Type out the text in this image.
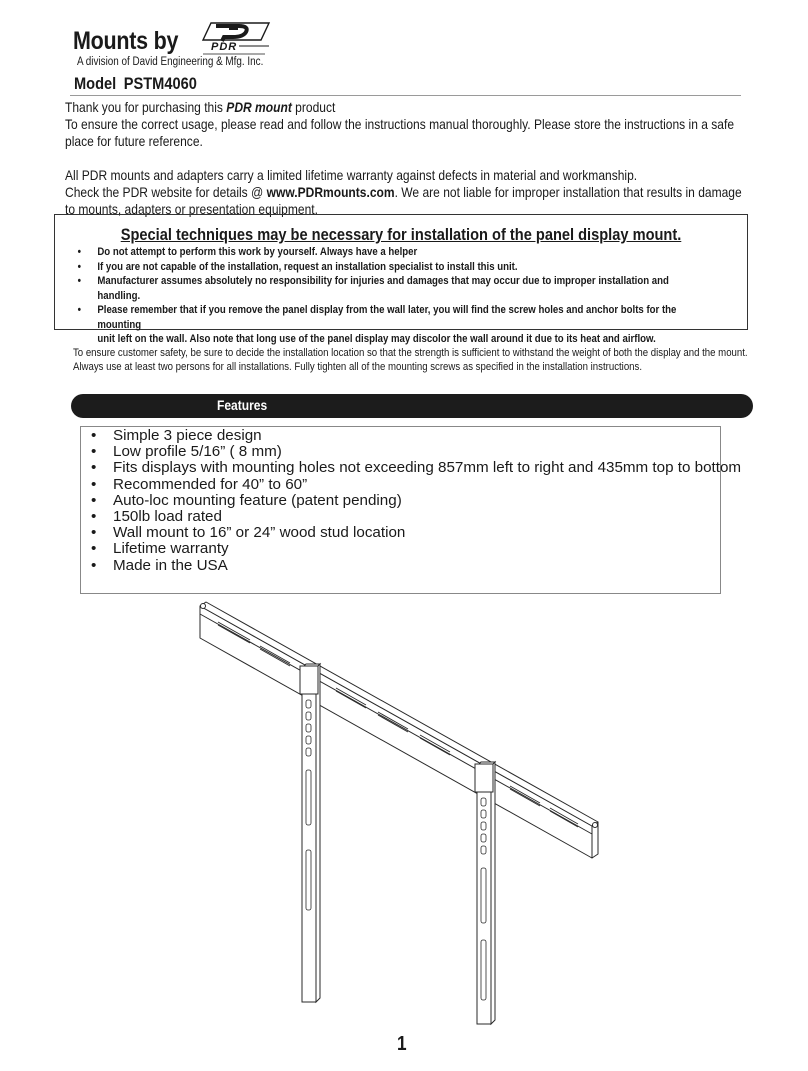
Mounts by	PDR
A division of David Engineering & Mfg. Inc.
Model PSTM4060

Thank you for purchasing this PDR mount product

To ensure the correct usage, please read and follow the instructions manual thoroughly. Please store the instructions in a safe

place for future reference.

All PDR mounts and adapters carry a limited lifetime warranty against defects in material and workmanship.

Check the PDR website for details @ www.PDRmounts.com. We are not liable for improper installation that results in damage

to mounts, adapters or presentation equipment.

Special techniques may be necessary for installation of the panel display mount.
• Do not attempt to perform this work by yourself. Always have a helper
• If you are not capable of the installation, request an installation specialist to install this unit.
• Manufacturer assumes absolutely no responsibility for injuries and damages that may occur due to improper installation and handling.
• Please remember that if you remove the panel display from the wall later, you will find the screw holes and anchor bolts for the mounting
unit left on the wall. Also note that long use of the panel display may discolor the wall around it due to its heat and airflow.

To ensure customer safety, be sure to decide the installation location so that the strength is sufficient to withstand the weight of both the display and the mount.

Always use at least two persons for all installations. Fully tighten all of the mounting screws as specified in the installation instructions.

Features
• Simple 3 piece design
• Low profile 5/16” ( 8 mm)
• Fits displays with mounting holes not exceeding 857mm left to right and 435mm top to bottom
• Recommended for 40” to 60”
• Auto-loc mounting feature (patent pending)
• 150lb load rated
• Wall mount to 16” or 24” wood stud location
• Lifetime warranty
• Made in the USA
1
